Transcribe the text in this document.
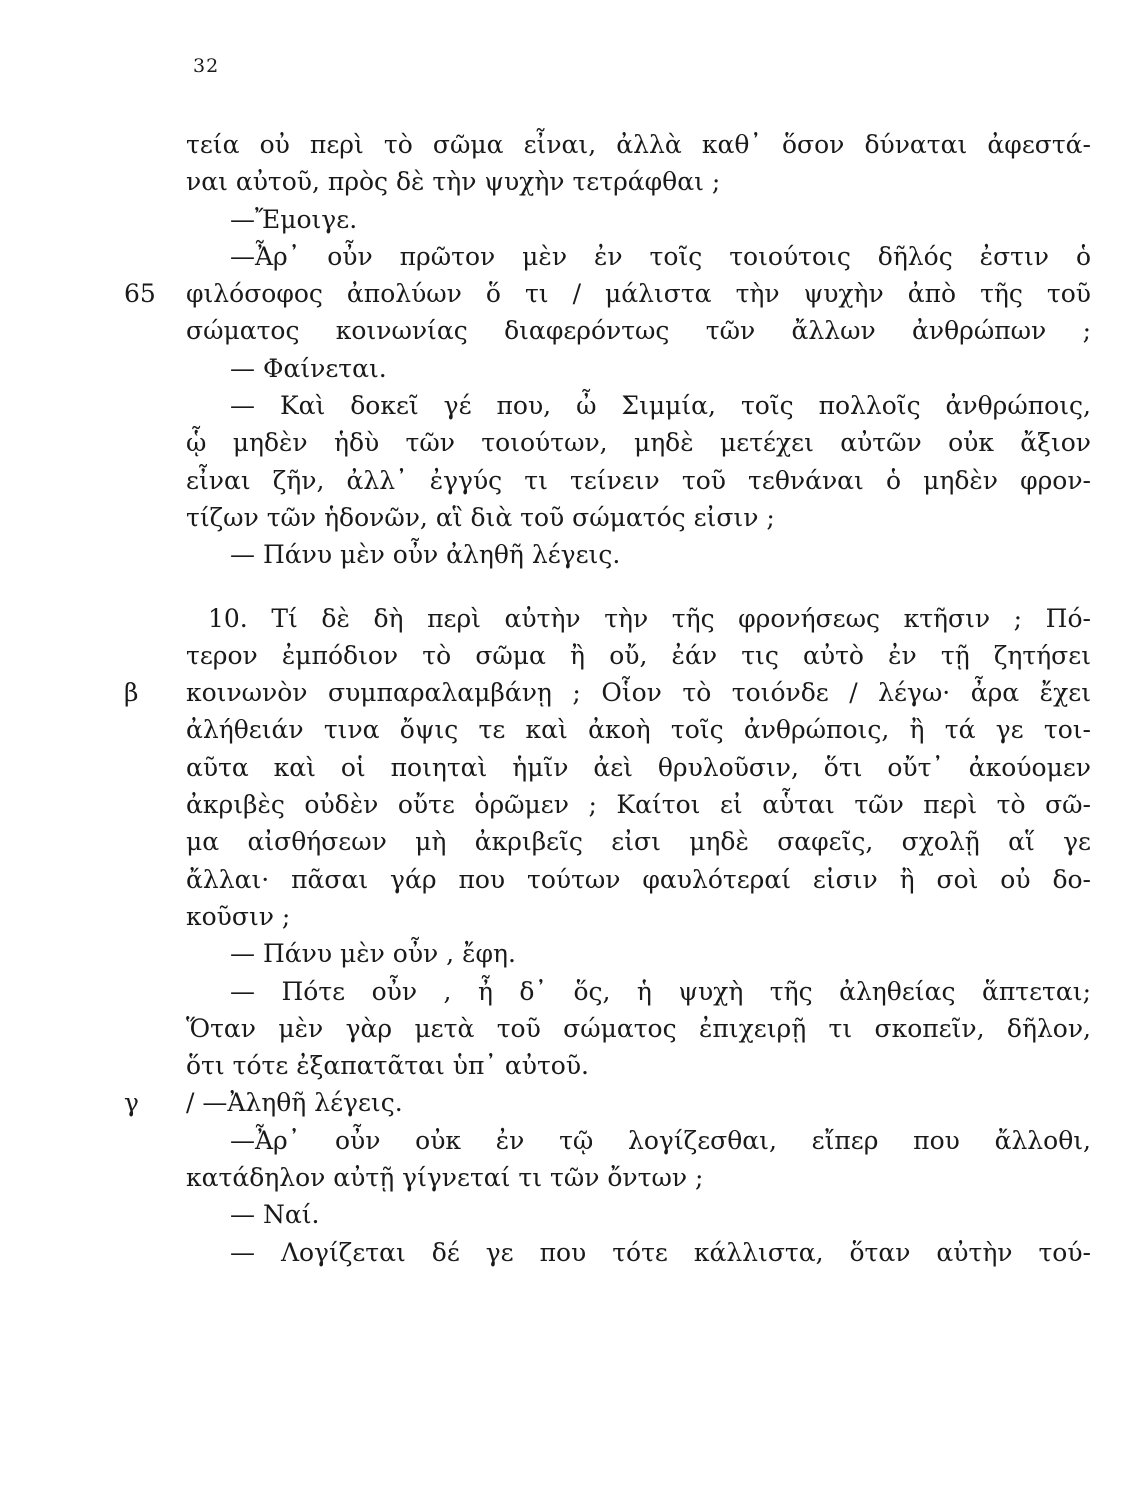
32
τεία οὐ περὶ τὸ σῶμα εἶναι, ἀλλὰ καθ᾽ ὅσον δύναται ἀφεστά-
ναι αὐτοῦ, πρὸς δὲ τὴν ψυχὴν τετράφθαι ;
—Ἔμοιγε.
—Ἆρ᾽ οὖν πρῶτον μὲν ἐν τοῖς τοιούτοις δῆλός ἐστιν ὁ
65	φιλόσοφος ἀπολύων ὅ τι / μάλιστα τὴν ψυχὴν ἀπὸ τῆς τοῦ
σώματος κοινωνίας διαφερόντως τῶν ἄλλων ἀνθρώπων ;
— Φαίνεται.
— Καὶ δοκεῖ γέ που, ὦ Σιμμία, τοῖς πολλοῖς ἀνθρώποις,
ᾧ μηδὲν ἡδὺ τῶν τοιούτων, μηδὲ μετέχει αὐτῶν οὐκ ἄξιον
εἶναι ζῆν, ἀλλ᾽ ἐγγύς τι τείνειν τοῦ τεθνάναι ὁ μηδὲν φρον-
τίζων τῶν ἡδονῶν, αἳ διὰ τοῦ σώματός εἰσιν ;
— Πάνυ μὲν οὖν ἀληθῆ λέγεις.
10. Τί δὲ δὴ περὶ αὐτὴν τὴν τῆς φρονήσεως κτῆσιν ; Πό-
τερον ἐμπόδιον τὸ σῶμα ἢ οὔ, ἐάν τις αὐτὸ ἐν τῇ ζητήσει
β	κοινωνὸν συμπαραλαμβάνῃ ; Οἷον τὸ τοιόνδε / λέγω· ἆρα ἔχει
ἀλήθειάν τινα ὄψις τε καὶ ἀκοὴ τοῖς ἀνθρώποις, ἢ τά γε τοι-
αῦτα καὶ οἱ ποιηταὶ ἡμῖν ἀεὶ θρυλοῦσιν, ὅτι οὔτ᾽ ἀκούομεν
ἀκριβὲς οὐδὲν οὔτε ὁρῶμεν ; Καίτοι εἰ αὗται τῶν περὶ τὸ σῶ-
μα αἰσθήσεων μὴ ἀκριβεῖς εἰσι μηδὲ σαφεῖς, σχολῇ αἵ γε
ἄλλαι· πᾶσαι γάρ που τούτων φαυλότεραί εἰσιν ἢ σοὶ οὐ δο-
κοῦσιν ;
— Πάνυ μὲν οὖν , ἔφη.
— Πότε οὖν , ἦ δ᾽ ὅς, ἡ ψυχὴ τῆς ἀληθείας ἅπτεται;
Ὅταν μὲν γὰρ μετὰ τοῦ σώματος ἐπιχειρῇ τι σκοπεῖν, δῆλον,
ὅτι τότε ἐξαπατᾶται ὑπ᾽ αὐτοῦ.
γ	/ —Ἀληθῆ λέγεις.
—Ἆρ᾽ οὖν οὐκ ἐν τῷ λογίζεσθαι, εἴπερ που ἄλλοθι,
κατάδηλον αὐτῇ γίγνεταί τι τῶν ὄντων ;
— Ναί.
— Λογίζεται δέ γε που τότε κάλλιστα, ὅταν αὐτὴν τού-
